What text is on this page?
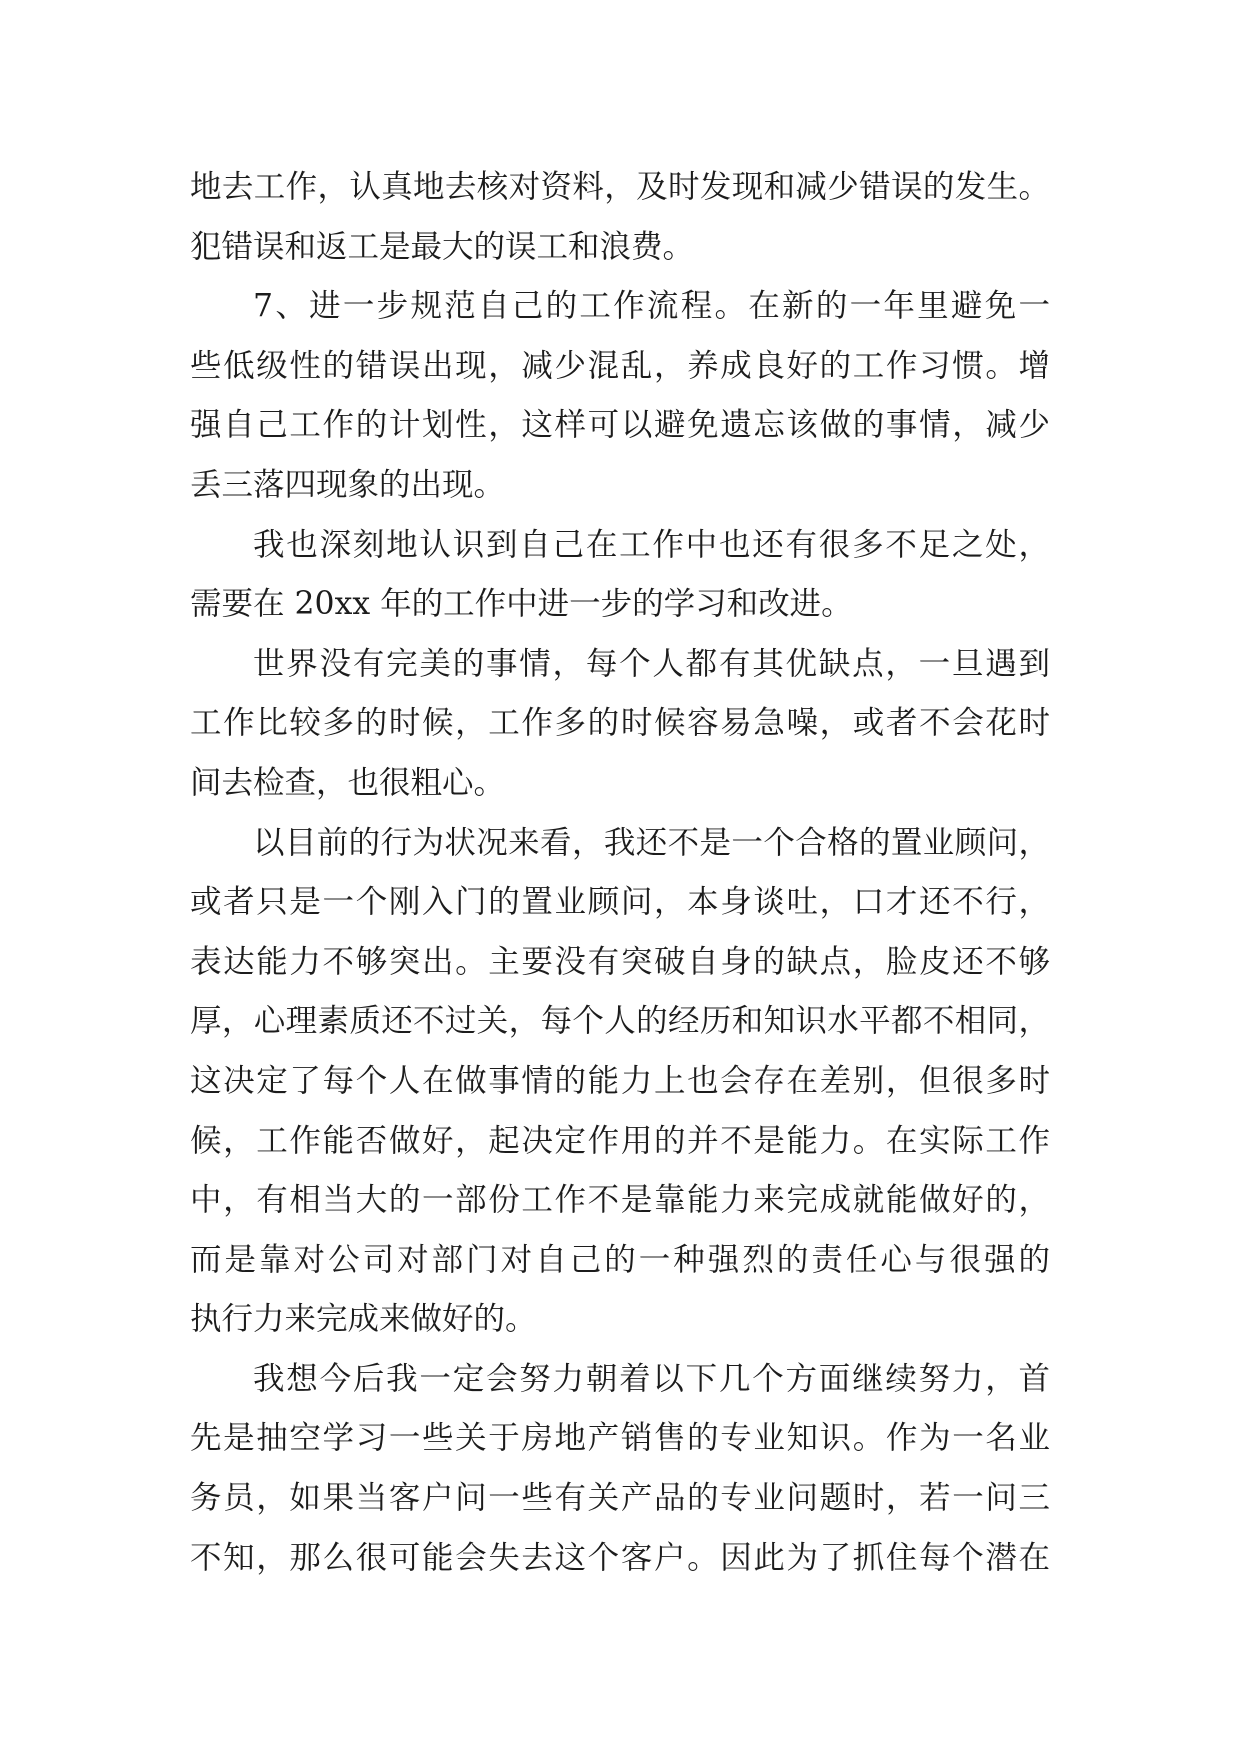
地去工作，认真地去核对资料，及时发现和减少错误的发生。
犯错误和返工是最大的误工和浪费。
7、进一步规范自己的工作流程。在新的一年里避免一
些低级性的错误出现，减少混乱，养成良好的工作习惯。增
强自己工作的计划性，这样可以避免遗忘该做的事情，减少
丢三落四现象的出现。
我也深刻地认识到自己在工作中也还有很多不足之处，
需要在 20xx 年的工作中进一步的学习和改进。
世界没有完美的事情，每个人都有其优缺点，一旦遇到
工作比较多的时候，工作多的时候容易急噪，或者不会花时
间去检查，也很粗心。
以目前的行为状况来看，我还不是一个合格的置业顾问，
或者只是一个刚入门的置业顾问，本身谈吐，口才还不行，
表达能力不够突出。主要没有突破自身的缺点，脸皮还不够
厚，心理素质还不过关，每个人的经历和知识水平都不相同，
这决定了每个人在做事情的能力上也会存在差别，但很多时
候，工作能否做好，起决定作用的并不是能力。在实际工作
中，有相当大的一部份工作不是靠能力来完成就能做好的，
而是靠对公司对部门对自己的一种强烈的责任心与很强的
执行力来完成来做好的。
我想今后我一定会努力朝着以下几个方面继续努力，首
先是抽空学习一些关于房地产销售的专业知识。作为一名业
务员，如果当客户问一些有关产品的专业问题时，若一问三
不知，那么很可能会失去这个客户。因此为了抓住每个潜在
